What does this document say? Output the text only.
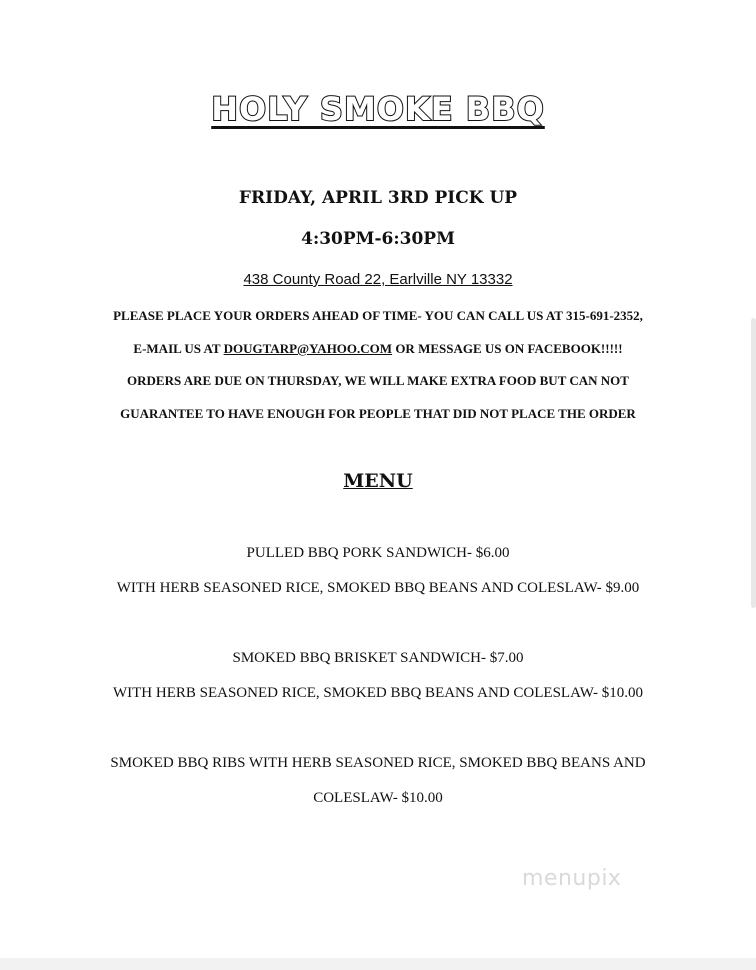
HOLY SMOKE BBQ
FRIDAY, APRIL 3RD PICK UP
4:30PM-6:30PM
438 County Road 22, Earlville NY 13332
PLEASE PLACE YOUR ORDERS AHEAD OF TIME- YOU CAN CALL US AT 315-691-2352,
E-MAIL US AT DOUGTARP@YAHOO.COM OR MESSAGE US ON FACEBOOK!!!!!
ORDERS ARE DUE ON THURSDAY, WE WILL MAKE EXTRA FOOD BUT CAN NOT
GUARANTEE TO HAVE ENOUGH FOR PEOPLE THAT DID NOT PLACE THE ORDER
MENU
PULLED BBQ PORK SANDWICH- $6.00
WITH HERB SEASONED RICE, SMOKED BBQ BEANS AND COLESLAW- $9.00
SMOKED BBQ BRISKET SANDWICH- $7.00
WITH HERB SEASONED RICE, SMOKED BBQ BEANS AND COLESLAW- $10.00
SMOKED BBQ RIBS WITH HERB SEASONED RICE, SMOKED BBQ BEANS AND
COLESLAW- $10.00
menupix
